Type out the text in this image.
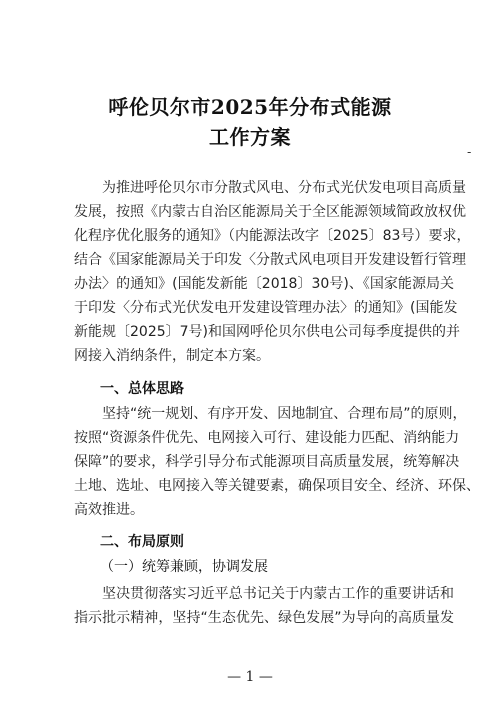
呼伦贝尔市2025年分布式能源
工作方案
-
为推进呼伦贝尔市分散式风电、分布式光伏发电项目高质量
发展，按照《内蒙古自治区能源局关于全区能源领域简政放权优
化程序优化服务的通知》（内能源法改字〔2025〕83号）要求，
结合《国家能源局关于印发〈分散式风电项目开发建设暂行管理
办法〉的通知》(国能发新能〔2018〕30号)、《国家能源局关
于印发〈分布式光伏发电开发建设管理办法〉的通知》(国能发
新能规〔2025〕7号)和国网呼伦贝尔供电公司每季度提供的并
网接入消纳条件，制定本方案。
一、总体思路
坚持“统一规划、有序开发、因地制宜、合理布局”的原则，
按照“资源条件优先、电网接入可行、建设能力匹配、消纳能力
保障”的要求，科学引导分布式能源项目高质量发展，统筹解决
土地、选址、电网接入等关键要素，确保项目安全、经济、环保、
高效推进。
二、布局原则
（一）统筹兼顾，协调发展
坚决贯彻落实习近平总书记关于内蒙古工作的重要讲话和
指示批示精神，坚持“生态优先、绿色发展”为导向的高质量发
— 1 —
